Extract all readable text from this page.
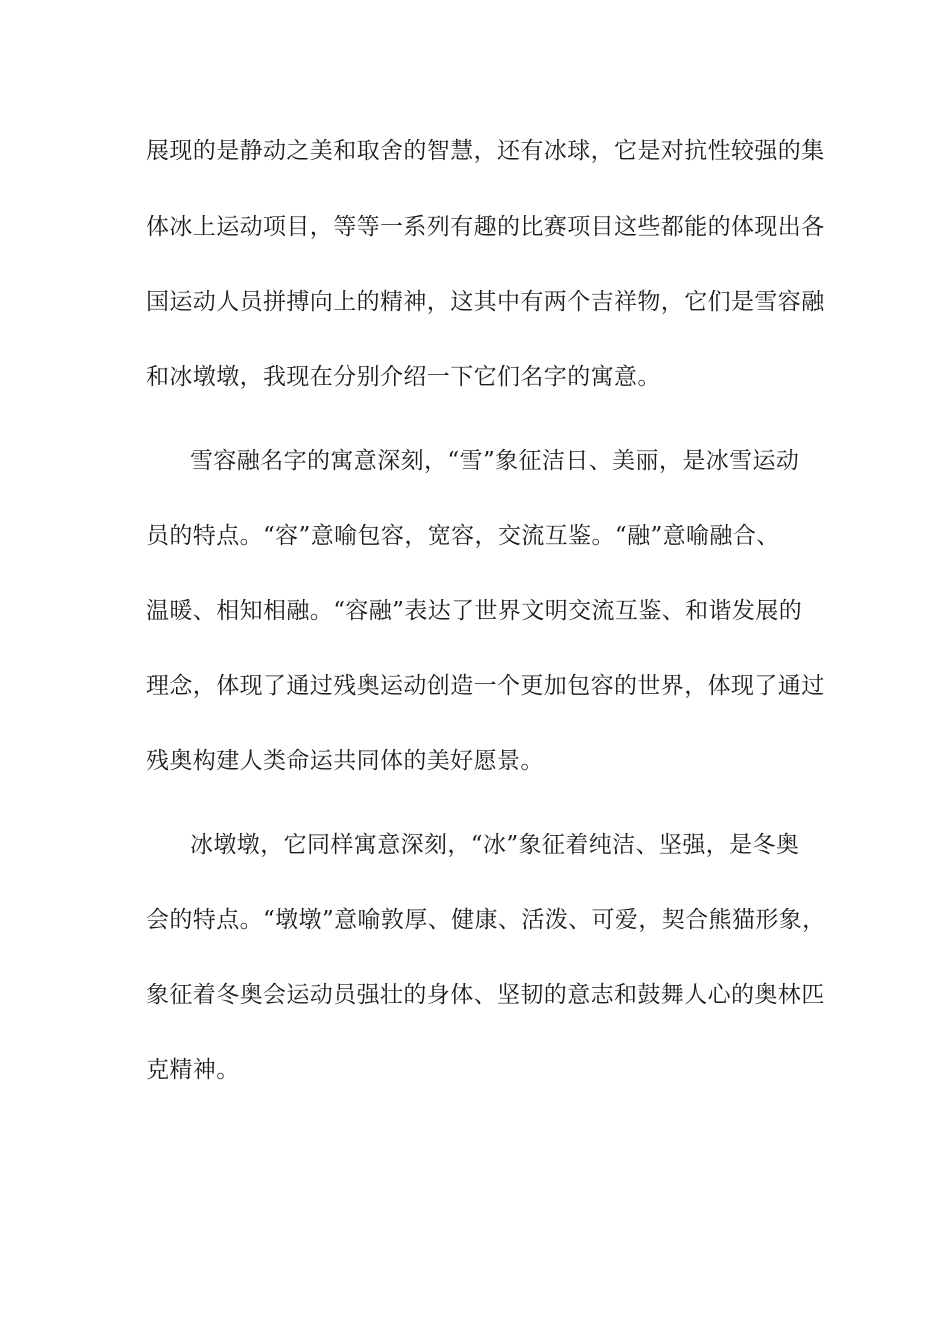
展现的是静动之美和取舍的智慧，还有冰球，它是对抗性较强的集
体冰上运动项目，等等一系列有趣的比赛项目这些都能的体现出各
国运动人员拼搏向上的精神，这其中有两个吉祥物，它们是雪容融
和冰墩墩，我现在分别介绍一下它们名字的寓意。
雪容融名字的寓意深刻，“雪”象征洁日、美丽，是冰雪运动
员的特点。“容”意喻包容，宽容，交流互鉴。“融”意喻融合、
温暖、相知相融。“容融”表达了世界文明交流互鉴、和谐发展的
理念，体现了通过残奥运动创造一个更加包容的世界，体现了通过
残奥构建人类命运共同体的美好愿景。
冰墩墩，它同样寓意深刻，“冰”象征着纯洁、坚强，是冬奥
会的特点。“墩墩”意喻敦厚、健康、活泼、可爱，契合熊猫形象，
象征着冬奥会运动员强壮的身体、坚韧的意志和鼓舞人心的奥林匹
克精神。
